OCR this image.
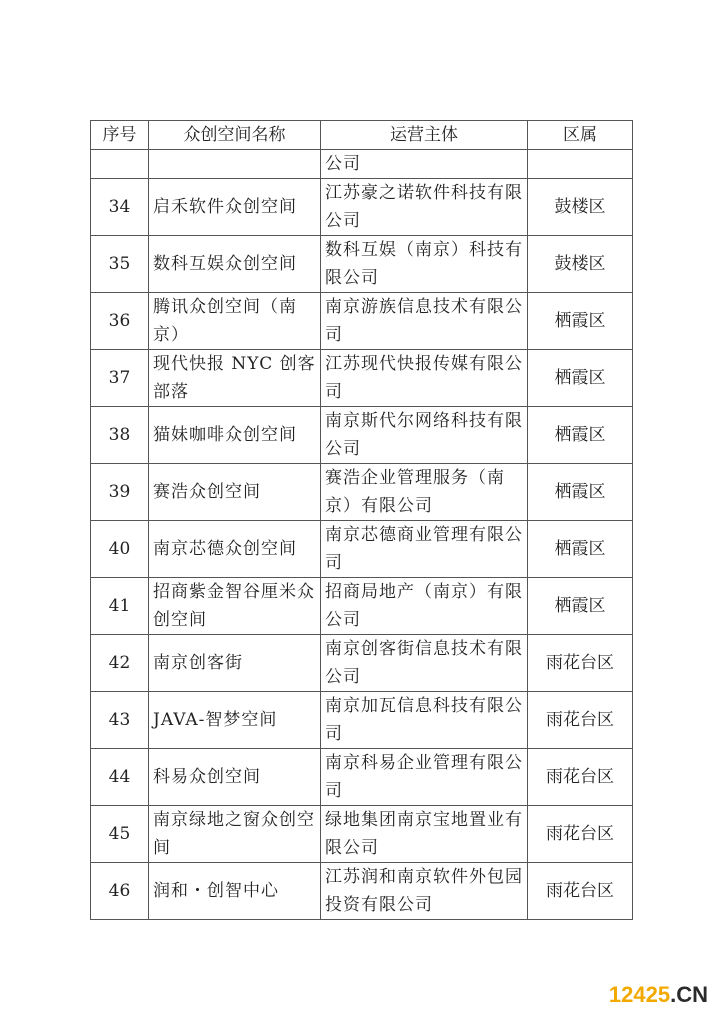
序号	众创空间名称	运营主体	区属
		公司	
34	启禾软件众创空间	江苏豪之诺软件科技有限公司	鼓楼区
35	数科互娱众创空间	数科互娱（南京）科技有限公司	鼓楼区
36	腾讯众创空间（南京）	南京游族信息技术有限公司	栖霞区
37	现代快报 NYC 创客部落	江苏现代快报传媒有限公司	栖霞区
38	猫妹咖啡众创空间	南京斯代尔网络科技有限公司	栖霞区
39	赛浩众创空间	赛浩企业管理服务（南京）有限公司	栖霞区
40	南京芯德众创空间	南京芯德商业管理有限公司	栖霞区
41	招商紫金智谷厘米众创空间	招商局地产（南京）有限公司	栖霞区
42	南京创客街	南京创客街信息技术有限公司	雨花台区
43	JAVA-智梦空间	南京加瓦信息科技有限公司	雨花台区
44	科易众创空间	南京科易企业管理有限公司	雨花台区
45	南京绿地之窗众创空间	绿地集团南京宝地置业有限公司	雨花台区
46	润和・创智中心	江苏润和南京软件外包园投资有限公司	雨花台区
12425.CN
